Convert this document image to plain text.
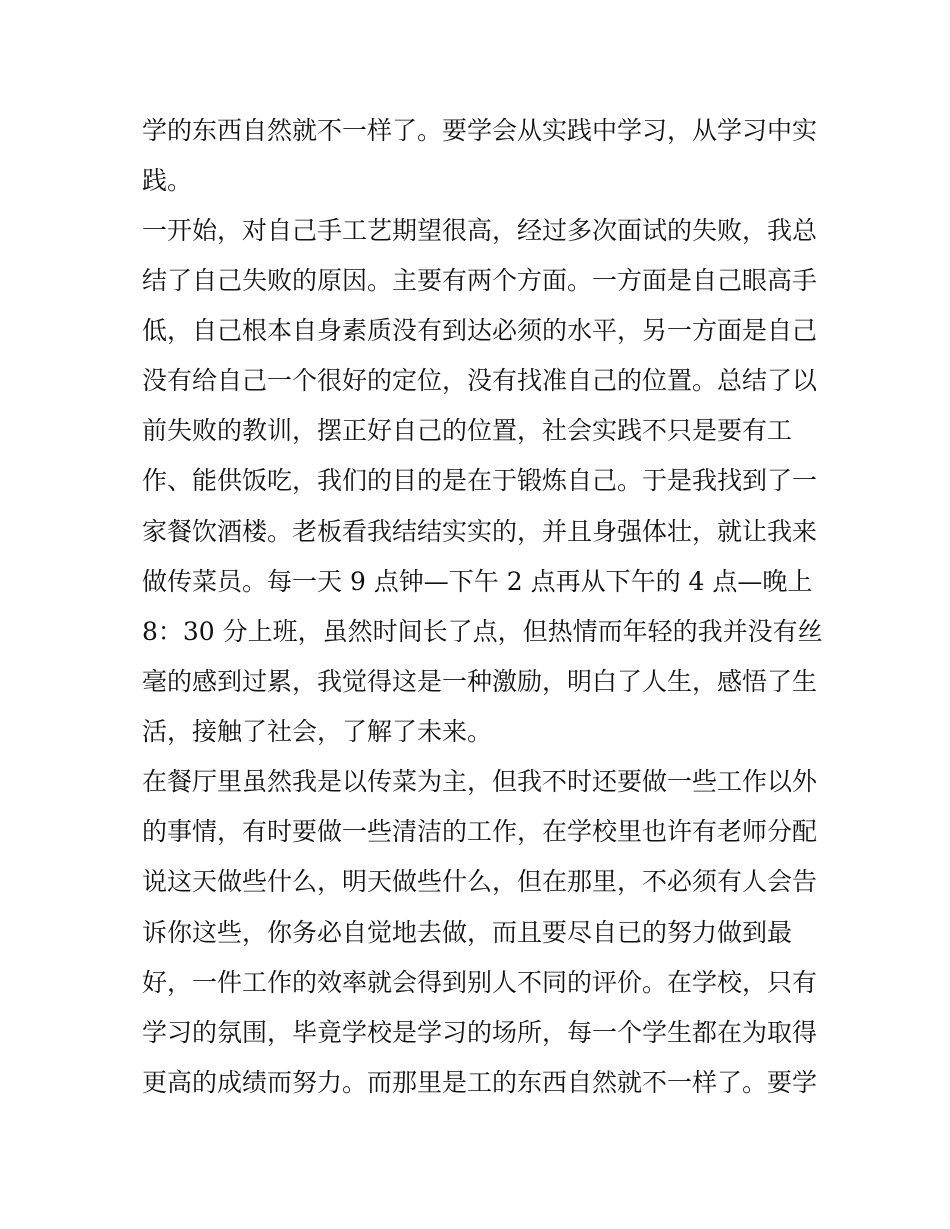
学的东西自然就不一样了。要学会从实践中学习，从学习中实
践。
一开始，对自己手工艺期望很高，经过多次面试的失败，我总
结了自己失败的原因。主要有两个方面。一方面是自己眼高手
低，自己根本自身素质没有到达必须的水平，另一方面是自己
没有给自己一个很好的定位，没有找准自己的位置。总结了以
前失败的教训，摆正好自己的位置，社会实践不只是要有工
作、能供饭吃，我们的目的是在于锻炼自己。于是我找到了一
家餐饮酒楼。老板看我结结实实的，并且身强体壮，就让我来
做传菜员。每一天 9 点钟—下午 2 点再从下午的 4 点—晚上
8：30 分上班，虽然时间长了点，但热情而年轻的我并没有丝
毫的感到过累，我觉得这是一种激励，明白了人生，感悟了生
活，接触了社会，了解了未来。
在餐厅里虽然我是以传菜为主，但我不时还要做一些工作以外
的事情，有时要做一些清洁的工作，在学校里也许有老师分配
说这天做些什么，明天做些什么，但在那里，不必须有人会告
诉你这些，你务必自觉地去做，而且要尽自已的努力做到最
好，一件工作的效率就会得到别人不同的评价。在学校，只有
学习的氛围，毕竟学校是学习的场所，每一个学生都在为取得
更高的成绩而努力。而那里是工的东西自然就不一样了。要学
